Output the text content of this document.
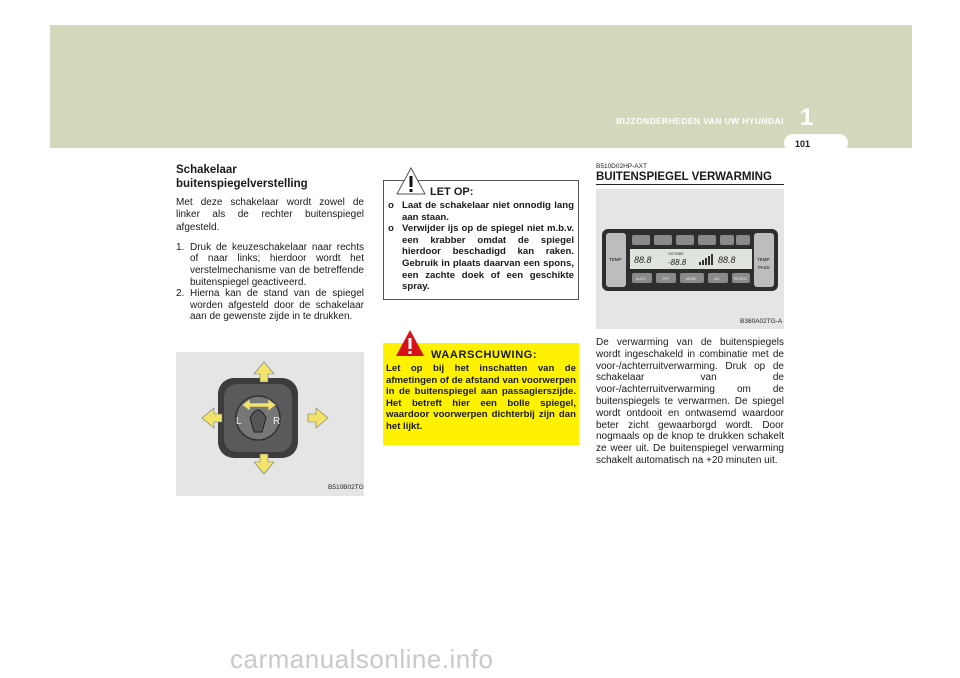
1
BIJZONDERHEDEN VAN UW HYUNDAI
101
Schakelaar buitenspiegelverstelling

Met deze schakelaar wordt zowel de linker als de rechter buitenspiegel afgesteld.

1. Druk de keuzeschakelaar naar rechts of naar links; hierdoor wordt het verstelmechanisme van de betreffende buitenspiegel geactiveerd.
2. Hierna kan de stand van de spiegel worden afgesteld door de schakelaar aan de gewenste zijde in te drukken.
L	R
B510B02TG
LET OP:
o Laat de schakelaar niet onnodig lang aan staan.
o Verwijder ijs op de spiegel niet m.b.v. een krabber omdat de spiegel hierdoor beschadigd kan raken. Gebruik in plaats daarvan een spons, een zachte doek of een geschikte spray.
WAARSCHUWING:

Let op bij het inschatten van de afmetingen of de afstand van voorwerpen in de buitenspiegel aan passagierszijde. Het betreft hier een bolle spiegel, waardoor voorwerpen dichterbij zijn dan het lijkt.

B510D02HP-AXT

BUITENSPIEGEL VERWARMING
TEMP	TEMP
PASS
88.8
OUTSIDE
-88.8	88.8
AUTO	OFF	MODE	A/C	RECIRC
B380A02TG-A

De verwarming van de buitenspiegels wordt ingeschakeld in combinatie met de voor-/achterruitverwarming. Druk op de schakelaar van de voor-/achterruitverwarming om de buitenspiegels te verwarmen. De spiegel wordt ontdooit en ontwasemd waardoor beter zicht gewaarborgd wordt. Door nogmaals op de knop te drukken schakelt ze weer uit. De buitenspiegel verwarming schakelt automatisch na +20 minuten uit.

carmanualsonline.info
